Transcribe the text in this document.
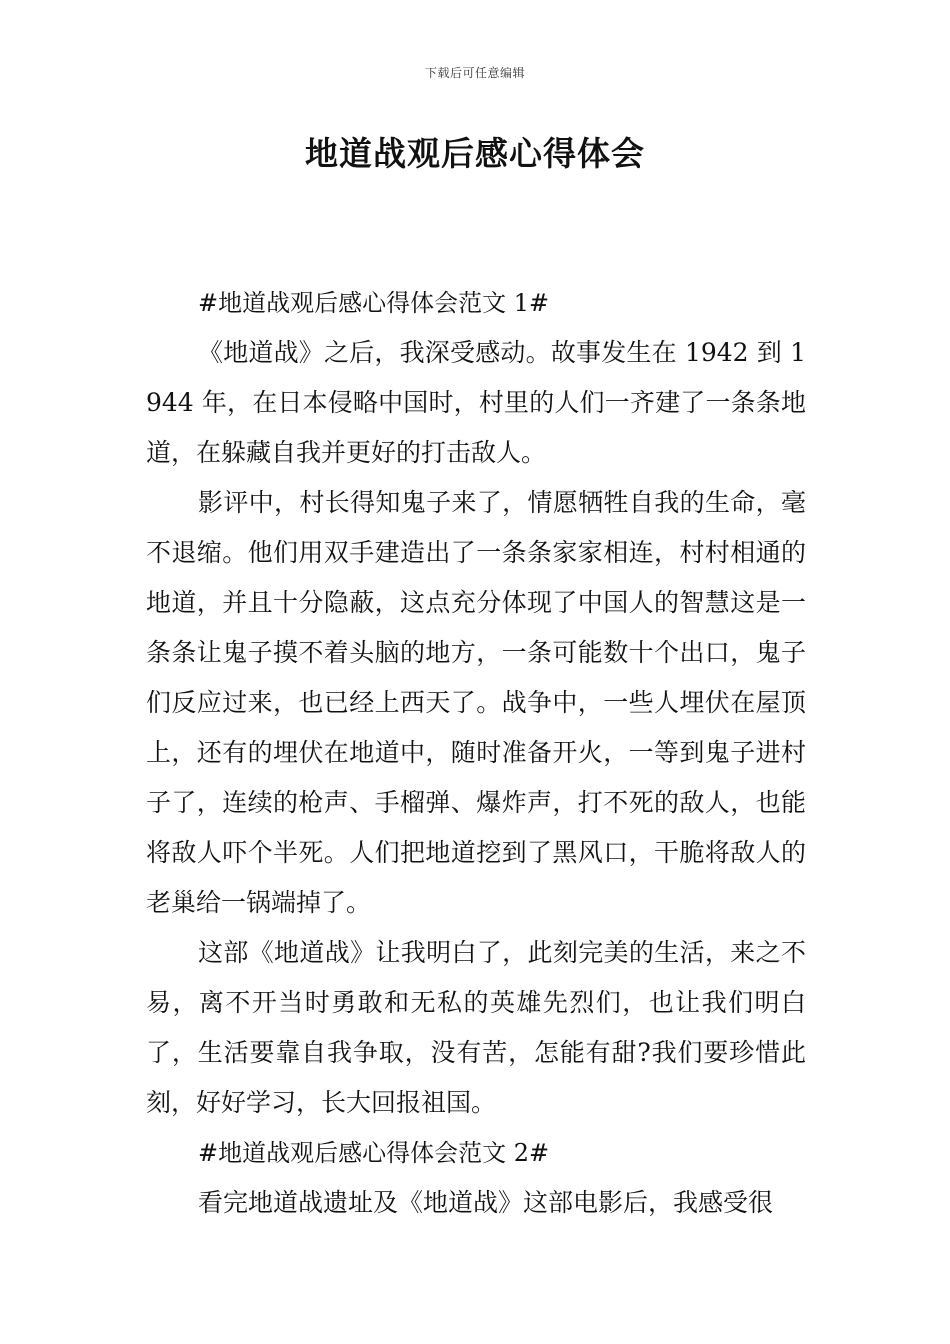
下载后可任意编辑
地道战观后感心得体会

#地道战观后感心得体会范文 1#

《地道战》之后，我深受感动。故事发生在 1942 到 1944 年，在日本侵略中国时，村里的人们一齐建了一条条地道，在躲藏自我并更好的打击敌人。

影评中，村长得知鬼子来了，情愿牺牲自我的生命，毫不退缩。他们用双手建造出了一条条家家相连，村村相通的地道，并且十分隐蔽，这点充分体现了中国人的智慧这是一条条让鬼子摸不着头脑的地方，一条可能数十个出口，鬼子们反应过来，也已经上西天了。战争中，一些人埋伏在屋顶上，还有的埋伏在地道中，随时准备开火，一等到鬼子进村子了，连续的枪声、手榴弹、爆炸声，打不死的敌人，也能将敌人吓个半死。人们把地道挖到了黑风口，干脆将敌人的老巢给一锅端掉了。

这部《地道战》让我明白了，此刻完美的生活，来之不易，离不开当时勇敢和无私的英雄先烈们，也让我们明白了，生活要靠自我争取，没有苦，怎能有甜?我们要珍惜此刻，好好学习，长大回报祖国。

#地道战观后感心得体会范文 2#

看完地道战遗址及《地道战》这部电影后，我感受很
